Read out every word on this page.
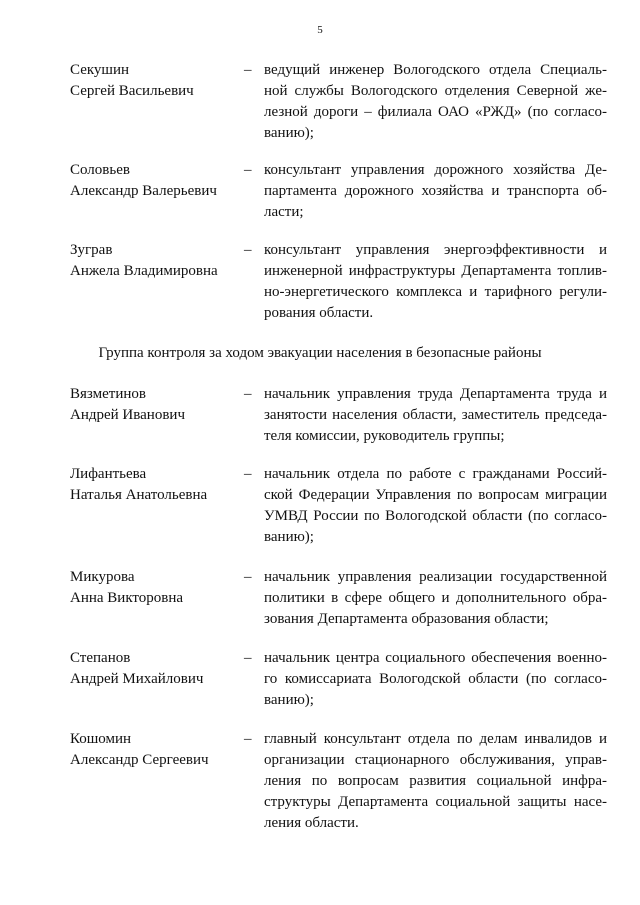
5
Группа контроля за ходом эвакуации населения в безопасные районы
Секушин
Сергей Васильевич
– ведущий инженер Вологодского отдела Специаль-
ной службы Вологодского отделения Северной же-
лезной дороги – филиала ОАО «РЖД» (по согласо-
ванию);
Соловьев
Александр Валерьевич
– консультант управления дорожного хозяйства Де-
партамента дорожного хозяйства и транспорта об-
ласти;
Зуграв
Анжела Владимировна
– консультант управления энергоэффективности и
инженерной инфраструктуры Департамента топлив-
но-энергетического комплекса и тарифного регули-
рования области.
Вязметинов
Андрей Иванович
– начальник управления труда Департамента труда и
занятости населения области, заместитель председа-
теля комиссии, руководитель группы;
Лифантьева
Наталья Анатольевна
– начальник отдела по работе с гражданами Россий-
ской Федерации Управления по вопросам миграции
УМВД России по Вологодской области (по согласо-
ванию);
Микурова
Анна Викторовна
– начальник управления реализации государственной
политики в сфере общего и дополнительного обра-
зования Департамента образования области;
Степанов
Андрей Михайлович
– начальник центра социального обеспечения военно-
го комиссариата Вологодской области (по согласо-
ванию);
Кошомин
Александр Сергеевич
– главный консультант отдела по делам инвалидов и
организации стационарного обслуживания, управ-
ления по вопросам развития социальной инфра-
структуры Департамента социальной защиты насе-
ления области.
